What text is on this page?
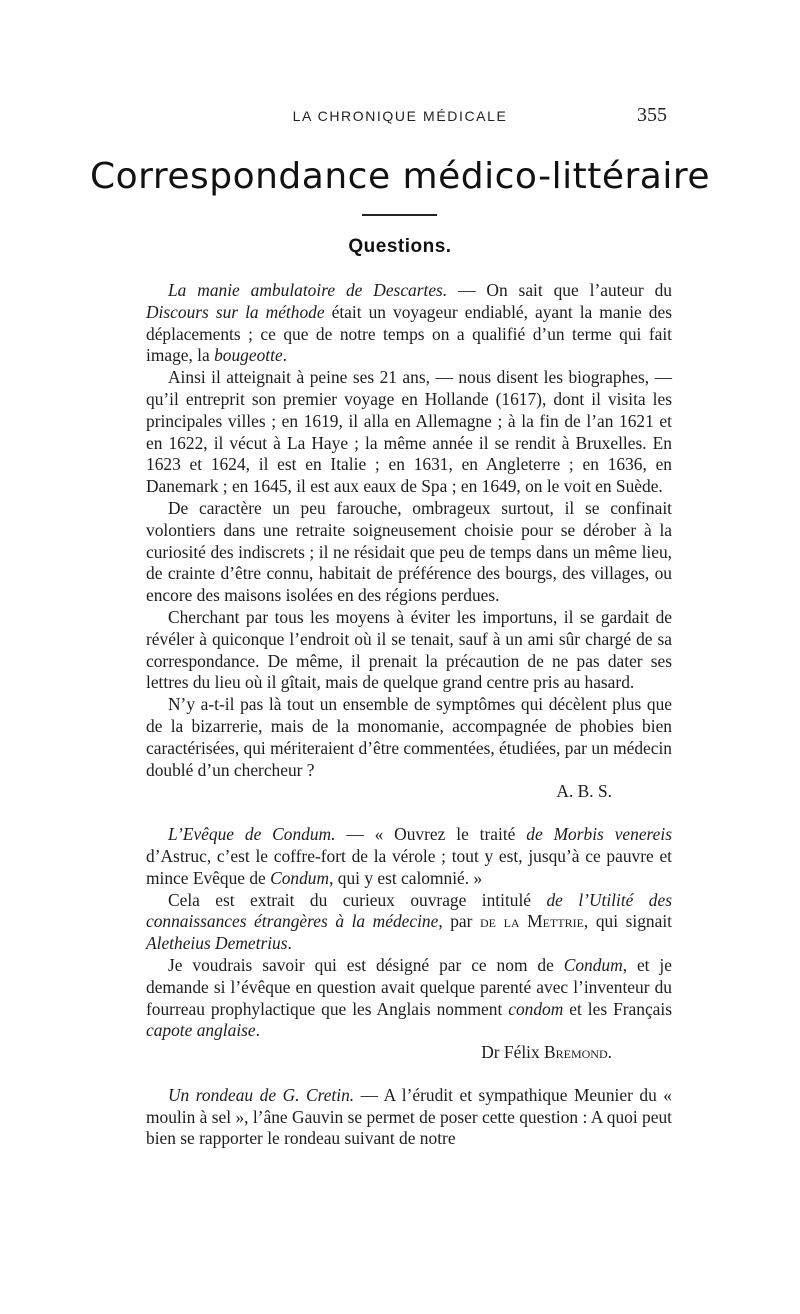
LA CHRONIQUE MÉDICALE	355
Correspondance médico-littéraire
Questions.

La manie ambulatoire de Descartes. — On sait que l’auteur du Discours sur la méthode était un voyageur endiablé, ayant la manie des déplacements ; ce que de notre temps on a qualifié d’un terme qui fait image, la bougeotte.

Ainsi il atteignait à peine ses 21 ans, — nous disent les biographes, — qu’il entreprit son premier voyage en Hollande (1617), dont il visita les principales villes ; en 1619, il alla en Allemagne ; à la fin de l’an 1621 et en 1622, il vécut à La Haye ; la même année il se rendit à Bruxelles. En 1623 et 1624, il est en Italie ; en 1631, en Angleterre ; en 1636, en Danemark ; en 1645, il est aux eaux de Spa ; en 1649, on le voit en Suède.

De caractère un peu farouche, ombrageux surtout, il se confinait volontiers dans une retraite soigneusement choisie pour se dérober à la curiosité des indiscrets ; il ne résidait que peu de temps dans un même lieu, de crainte d’être connu, habitait de préférence des bourgs, des villages, ou encore des maisons isolées en des régions perdues.

Cherchant par tous les moyens à éviter les importuns, il se gardait de révéler à quiconque l’endroit où il se tenait, sauf à un ami sûr chargé de sa correspondance. De même, il prenait la précaution de ne pas dater ses lettres du lieu où il gîtait, mais de quelque grand centre pris au hasard.

N’y a-t-il pas là tout un ensemble de symptômes qui décèlent plus que de la bizarrerie, mais de la monomanie, accompagnée de phobies bien caractérisées, qui mériteraient d’être commentées, étudiées, par un médecin doublé d’un chercheur ?

A. B. S.

L’Evêque de Condum. — « Ouvrez le traité de Morbis venereis d’Astruc, c’est le coffre-fort de la vérole ; tout y est, jusqu’à ce pauvre et mince Evêque de Condum, qui y est calomnié. »

Cela est extrait du curieux ouvrage intitulé de l’Utilité des connaissances étrangères à la médecine, par de la Mettrie, qui signait Aletheius Demetrius.

Je voudrais savoir qui est désigné par ce nom de Condum, et je demande si l’évêque en question avait quelque parenté avec l’inventeur du fourreau prophylactique que les Anglais nomment condom et les Français capote anglaise.

Dr Félix Bremond.

Un rondeau de G. Cretin. — A l’érudit et sympathique Meunier du « moulin à sel », l’âne Gauvin se permet de poser cette question : A quoi peut bien se rapporter le rondeau suivant de notre
